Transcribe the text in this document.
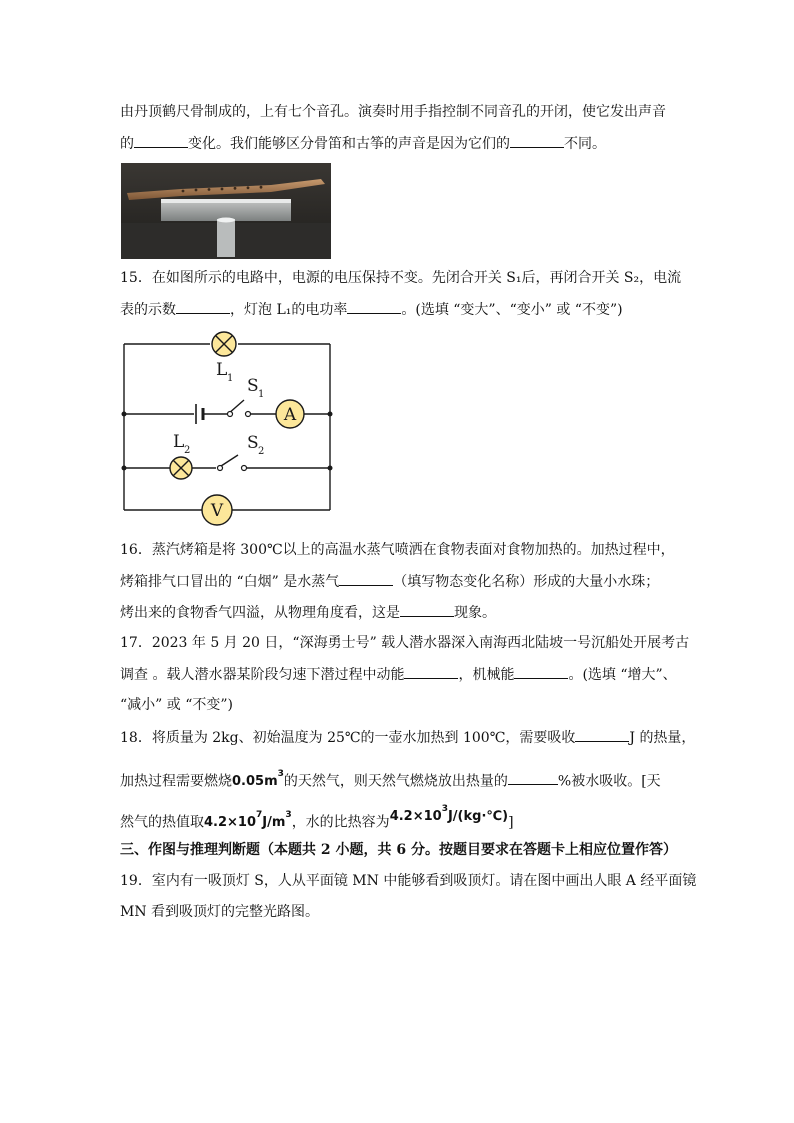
由丹顶鹤尺骨制成的，上有七个音孔。演奏时用手指控制不同音孔的开闭，使它发出声音
的	变化。我们能够区分骨笛和古筝的声音是因为它们的	不同。
15．在如图所示的电路中，电源的电压保持不变。先闭合开关 S₁后，再闭合开关 S₂，电流
表的示数	，灯泡 L₁的电功率	。(选填 “变大”、“变小” 或 “不变”)
A
V
L 1 S 1
L 2	S 2
16．蒸汽烤箱是将 300℃以上的高温水蒸气喷洒在食物表面对食物加热的。加热过程中，
烤箱排气口冒出的 “白烟” 是水蒸气	（填写物态变化名称）形成的大量小水珠；
烤出来的食物香气四溢，从物理角度看，这是	现象。
17．2023 年 5 月 20 日，“深海勇士号” 载人潜水器深入南海西北陆坡一号沉船处开展考古
调查 。载人潜水器某阶段匀速下潜过程中动能	，机械能	。(选填 “增大”、
“减小” 或 “不变”)
18．将质量为 2kg、初始温度为 25℃的一壶水加热到 100℃，需要吸收	J 的热量，
加热过程需要燃烧$0.05m^3$的天然气，则天然气燃烧放出热量的	%被水吸收。[天
然气的热值取$4.2\times 10^7J/m^3$，水的比热容为$4.2\times 10^3J/(kg\cdot℃)$]
三、作图与推理判断题（本题共 2 小题，共 6 分。按题目要求在答题卡上相应位置作答）
19．室内有一吸顶灯 S，人从平面镜 MN 中能够看到吸顶灯。请在图中画出人眼 A 经平面镜
MN 看到吸顶灯的完整光路图。
